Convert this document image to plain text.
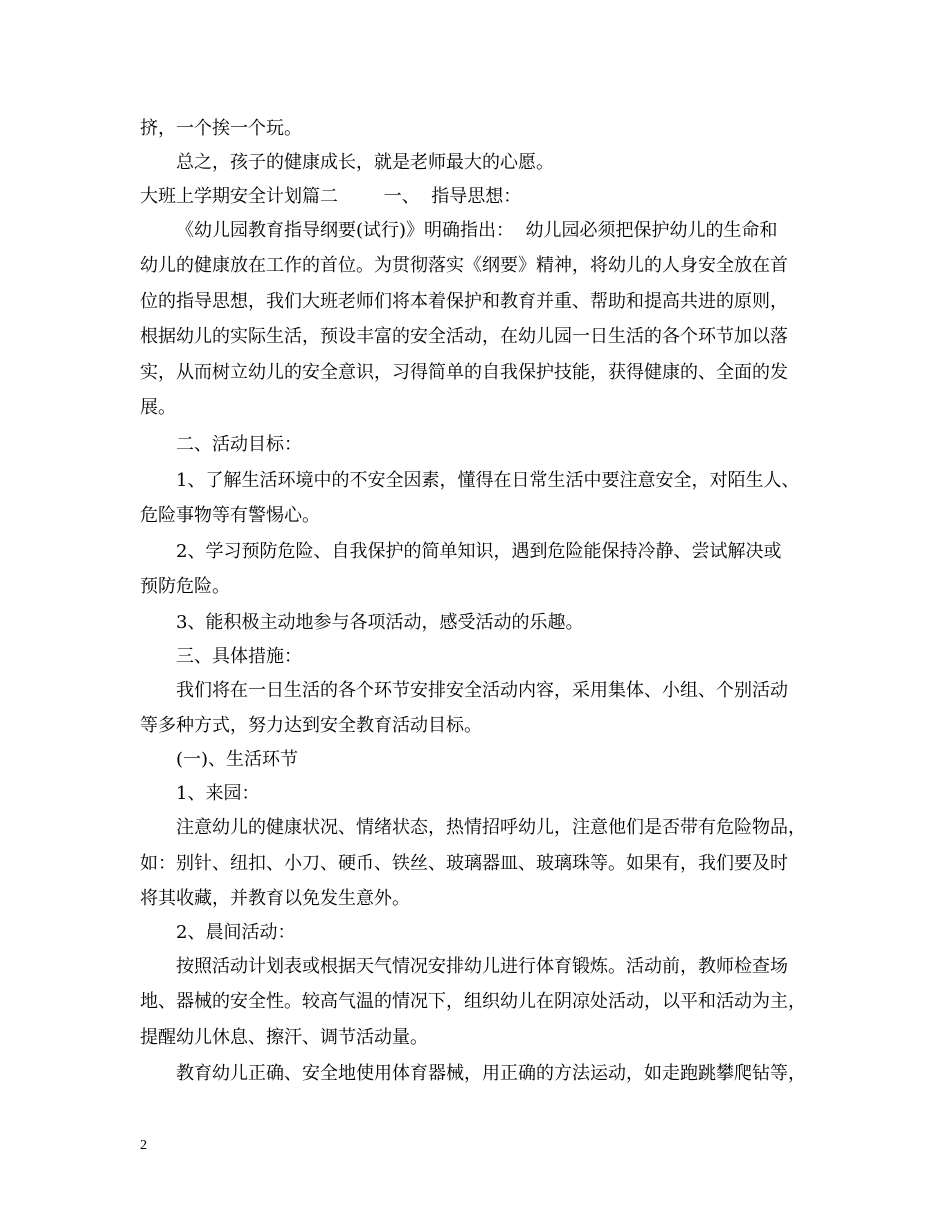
挤，一个挨一个玩。

总之，孩子的健康成长，就是老师最大的心愿。

大班上学期安全计划篇二        一、  指导思想：

《幼儿园教育指导纲要(试行)》明确指出：  幼儿园必须把保护幼儿的生命和

幼儿的健康放在工作的首位。为贯彻落实《纲要》精神，将幼儿的人身安全放在首

位的指导思想，我们大班老师们将本着保护和教育并重、帮助和提高共进的原则，

根据幼儿的实际生活，预设丰富的安全活动，在幼儿园一日生活的各个环节加以落

实，从而树立幼儿的安全意识，习得简单的自我保护技能，获得健康的、全面的发

展。

二、活动目标：

1、了解生活环境中的不安全因素，懂得在日常生活中要注意安全，对陌生人、

危险事物等有警惕心。

2、学习预防危险、自我保护的简单知识，遇到危险能保持冷静、尝试解决或

预防危险。

3、能积极主动地参与各项活动，感受活动的乐趣。

三、具体措施：

我们将在一日生活的各个环节安排安全活动内容，采用集体、小组、个别活动

等多种方式，努力达到安全教育活动目标。

(一)、生活环节

1、来园：

注意幼儿的健康状况、情绪状态，热情招呼幼儿，注意他们是否带有危险物品，

如：别针、纽扣、小刀、硬币、铁丝、玻璃器皿、玻璃珠等。如果有，我们要及时

将其收藏，并教育以免发生意外。

2、晨间活动：

按照活动计划表或根据天气情况安排幼儿进行体育锻炼。活动前，教师检查场

地、器械的安全性。较高气温的情况下，组织幼儿在阴凉处活动，以平和活动为主，

提醒幼儿休息、擦汗、调节活动量。

教育幼儿正确、安全地使用体育器械，用正确的方法运动，如走跑跳攀爬钻等，

2
